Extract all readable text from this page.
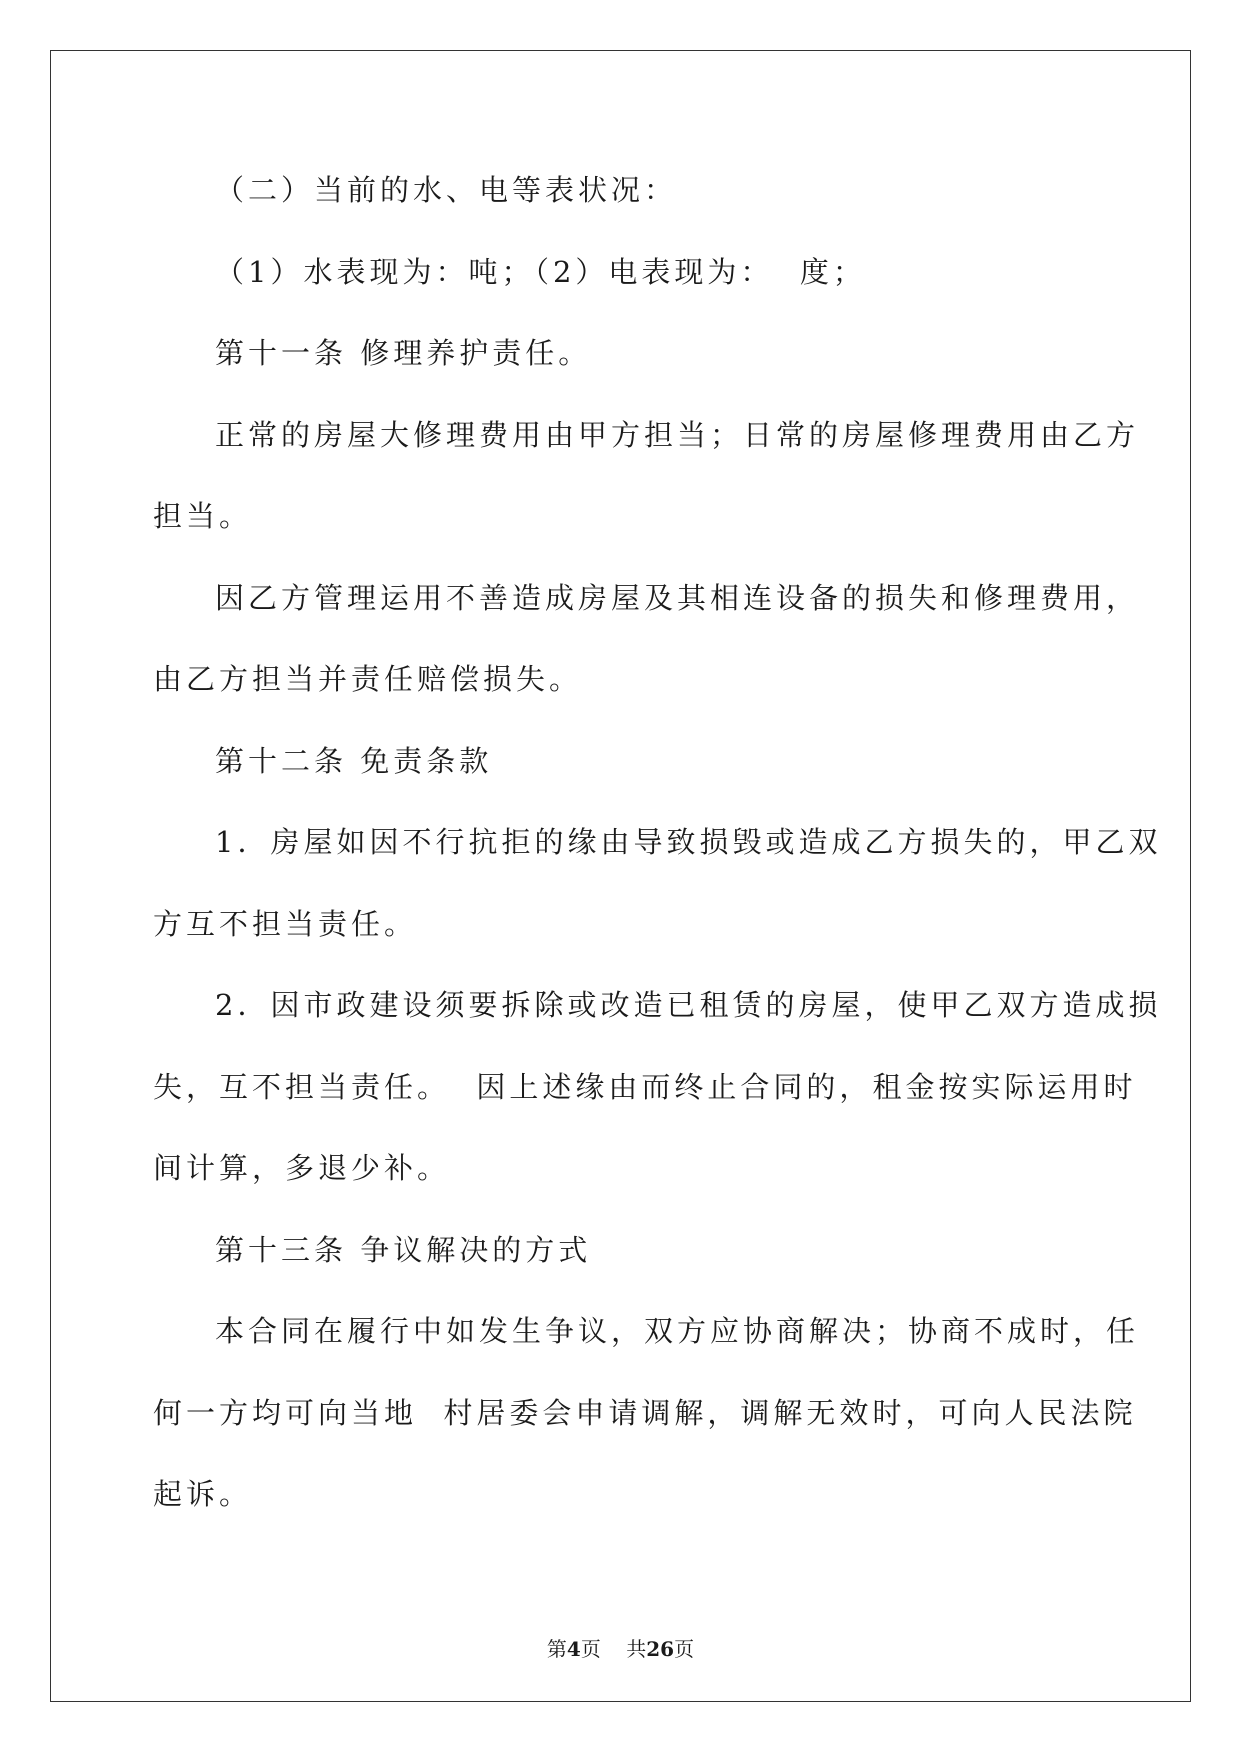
（二）当前的水、电等表状况：

（1）水表现为：吨；（2）电表现为：  度；

第十一条 修理养护责任。

正常的房屋大修理费用由甲方担当；日常的房屋修理费用由乙方

担当。

因乙方管理运用不善造成房屋及其相连设备的损失和修理费用，

由乙方担当并责任赔偿损失。

第十二条 免责条款

1．房屋如因不行抗拒的缘由导致损毁或造成乙方损失的，甲乙双

方互不担当责任。

2．因市政建设须要拆除或改造已租赁的房屋，使甲乙双方造成损

失，互不担当责任。  因上述缘由而终止合同的，租金按实际运用时

间计算，多退少补。

第十三条 争议解决的方式

本合同在履行中如发生争议，双方应协商解决；协商不成时，任

何一方均可向当地  村居委会申请调解，调解无效时，可向人民法院

起诉。

第4页 共26页
